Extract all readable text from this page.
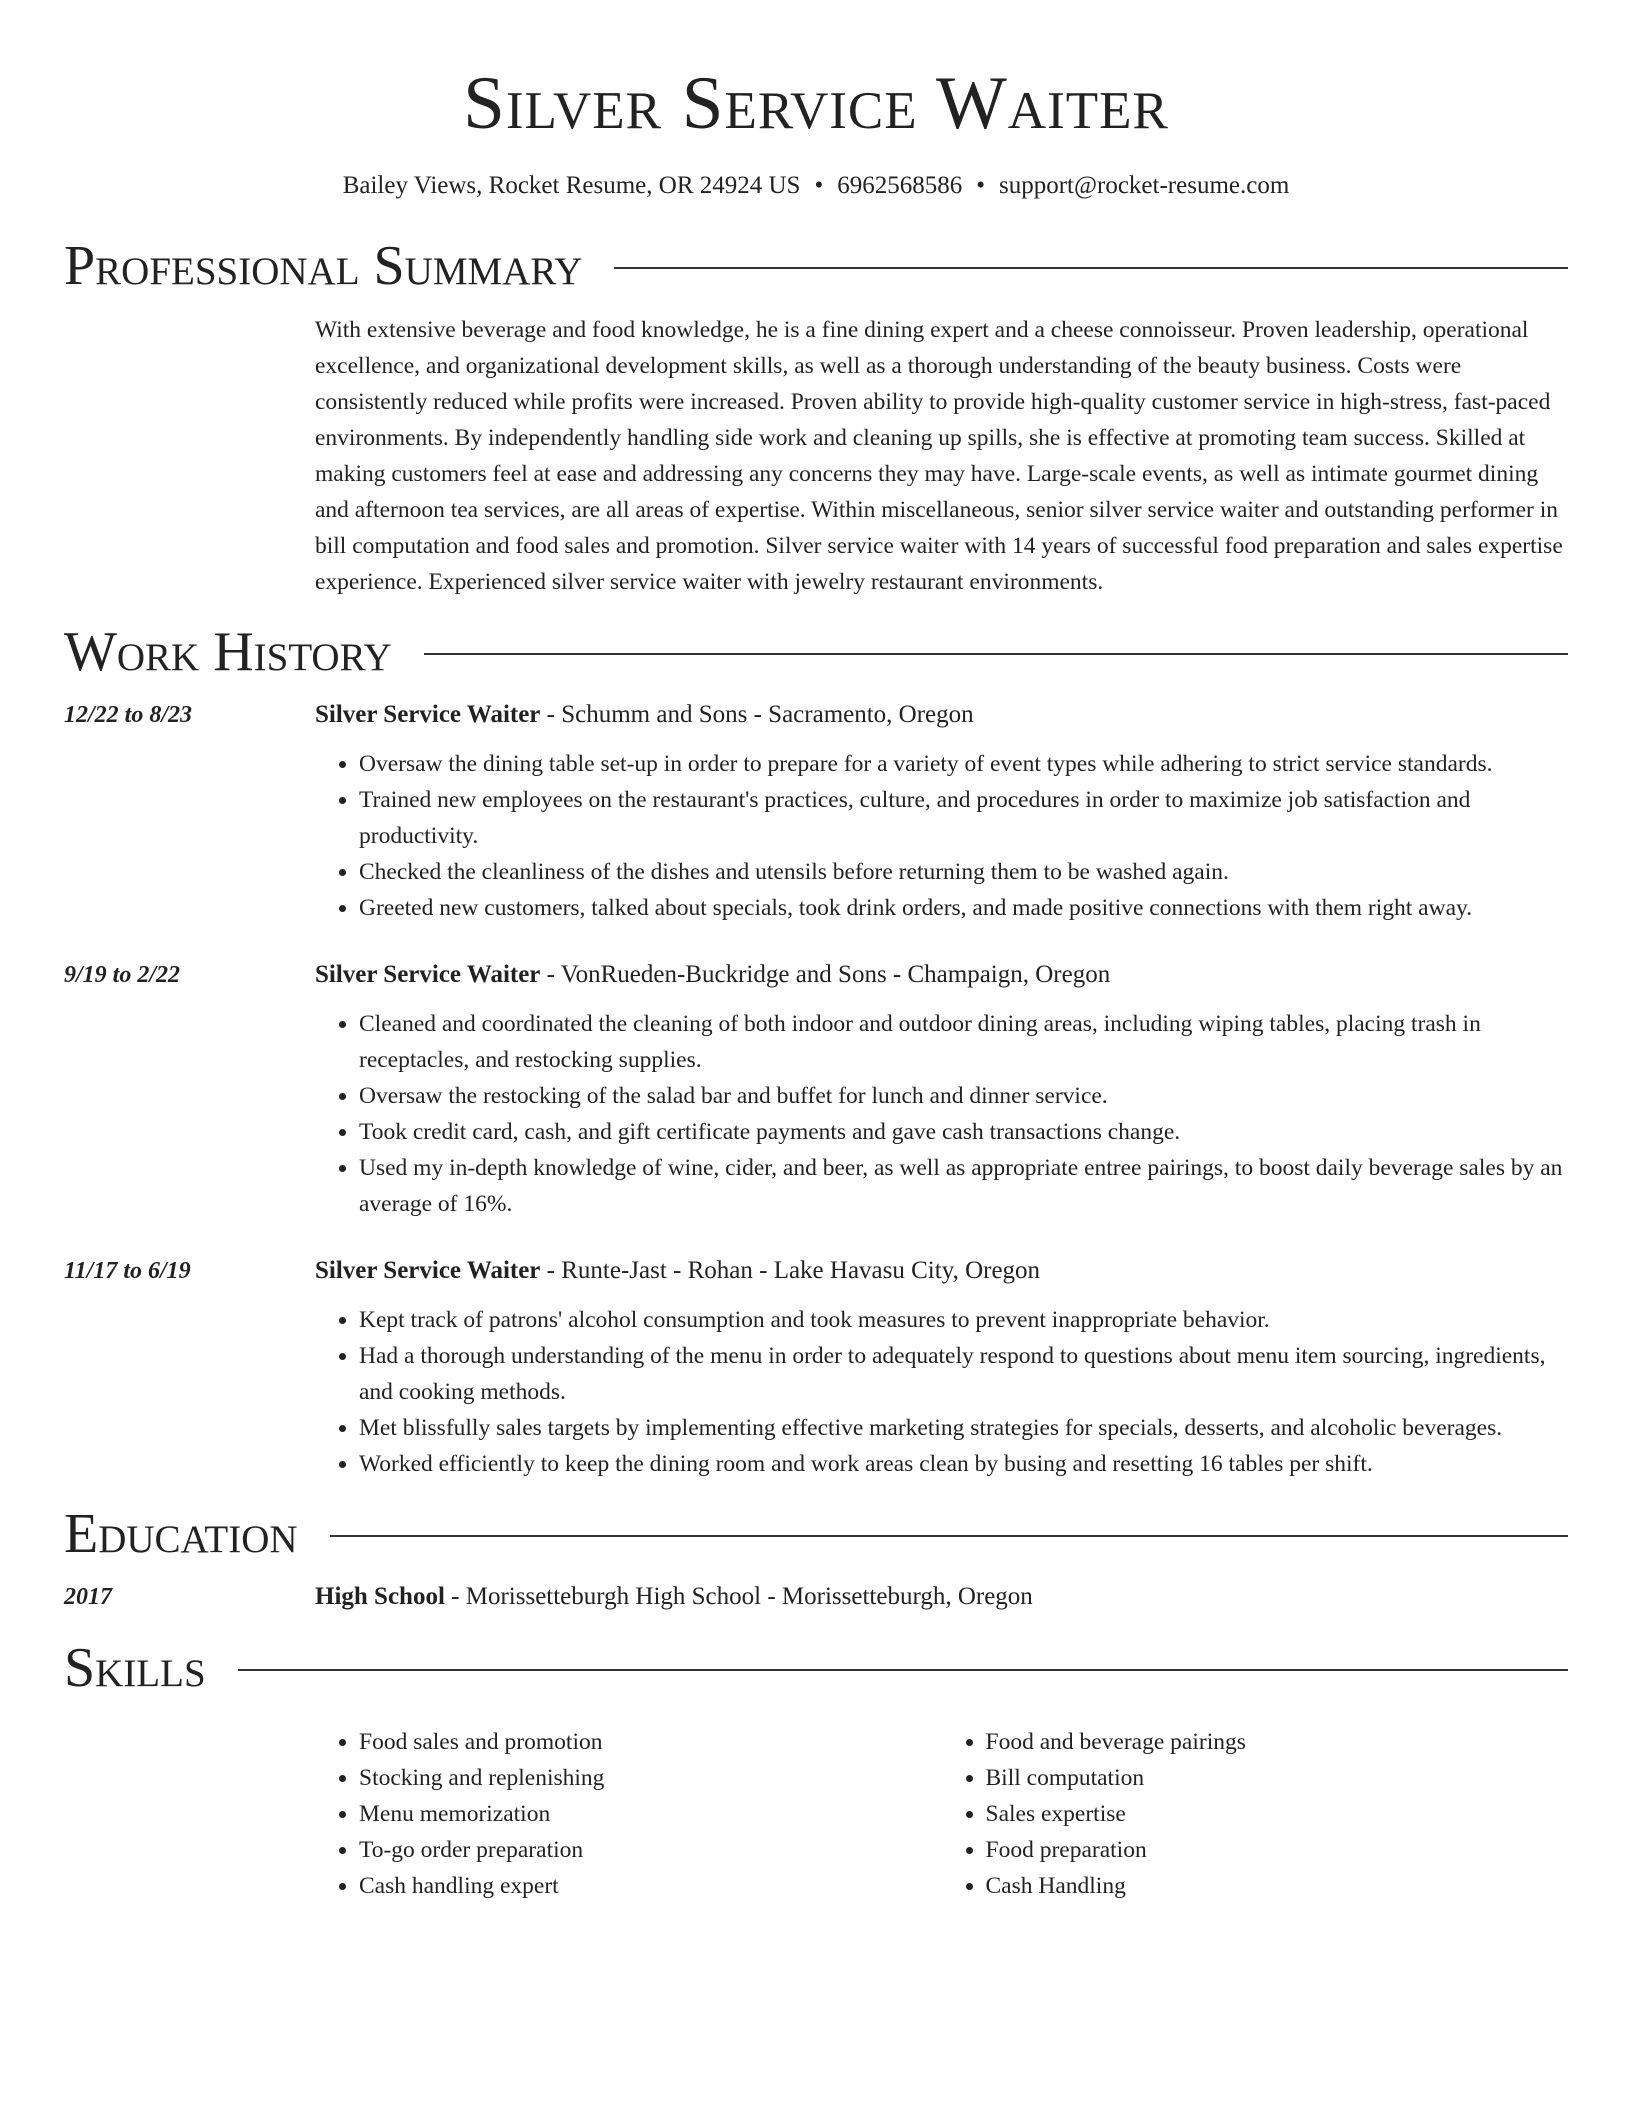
Silver Service Waiter
Bailey Views, Rocket Resume, OR 24924 US • 6962568586 • support@rocket-resume.com
Professional Summary
With extensive beverage and food knowledge, he is a fine dining expert and a cheese connoisseur. Proven leadership, operational excellence, and organizational development skills, as well as a thorough understanding of the beauty business. Costs were consistently reduced while profits were increased. Proven ability to provide high-quality customer service in high-stress, fast-paced environments. By independently handling side work and cleaning up spills, she is effective at promoting team success. Skilled at making customers feel at ease and addressing any concerns they may have. Large-scale events, as well as intimate gourmet dining and afternoon tea services, are all areas of expertise. Within miscellaneous, senior silver service waiter and outstanding performer in bill computation and food sales and promotion. Silver service waiter with 14 years of successful food preparation and sales expertise experience. Experienced silver service waiter with jewelry restaurant environments.
Work History
12/22 to 8/23	Silver Service Waiter - Schumm and Sons - Sacramento, Oregon
• Oversaw the dining table set-up in order to prepare for a variety of event types while adhering to strict service standards.
• Trained new employees on the restaurant's practices, culture, and procedures in order to maximize job satisfaction and productivity.
• Checked the cleanliness of the dishes and utensils before returning them to be washed again.
• Greeted new customers, talked about specials, took drink orders, and made positive connections with them right away.
9/19 to 2/22	Silver Service Waiter - VonRueden-Buckridge and Sons - Champaign, Oregon
• Cleaned and coordinated the cleaning of both indoor and outdoor dining areas, including wiping tables, placing trash in receptacles, and restocking supplies.
• Oversaw the restocking of the salad bar and buffet for lunch and dinner service.
• Took credit card, cash, and gift certificate payments and gave cash transactions change.
• Used my in-depth knowledge of wine, cider, and beer, as well as appropriate entree pairings, to boost daily beverage sales by an average of 16%.
11/17 to 6/19	Silver Service Waiter - Runte-Jast - Rohan - Lake Havasu City, Oregon
• Kept track of patrons' alcohol consumption and took measures to prevent inappropriate behavior.
• Had a thorough understanding of the menu in order to adequately respond to questions about menu item sourcing, ingredients, and cooking methods.
• Met blissfully sales targets by implementing effective marketing strategies for specials, desserts, and alcoholic beverages.
• Worked efficiently to keep the dining room and work areas clean by busing and resetting 16 tables per shift.
Education
2017	High School - Morissetteburgh High School - Morissetteburgh, Oregon
Skills
• Food sales and promotion
• Stocking and replenishing
• Menu memorization
• To-go order preparation
• Cash handling expert
• Food and beverage pairings
• Bill computation
• Sales expertise
• Food preparation
• Cash Handling
